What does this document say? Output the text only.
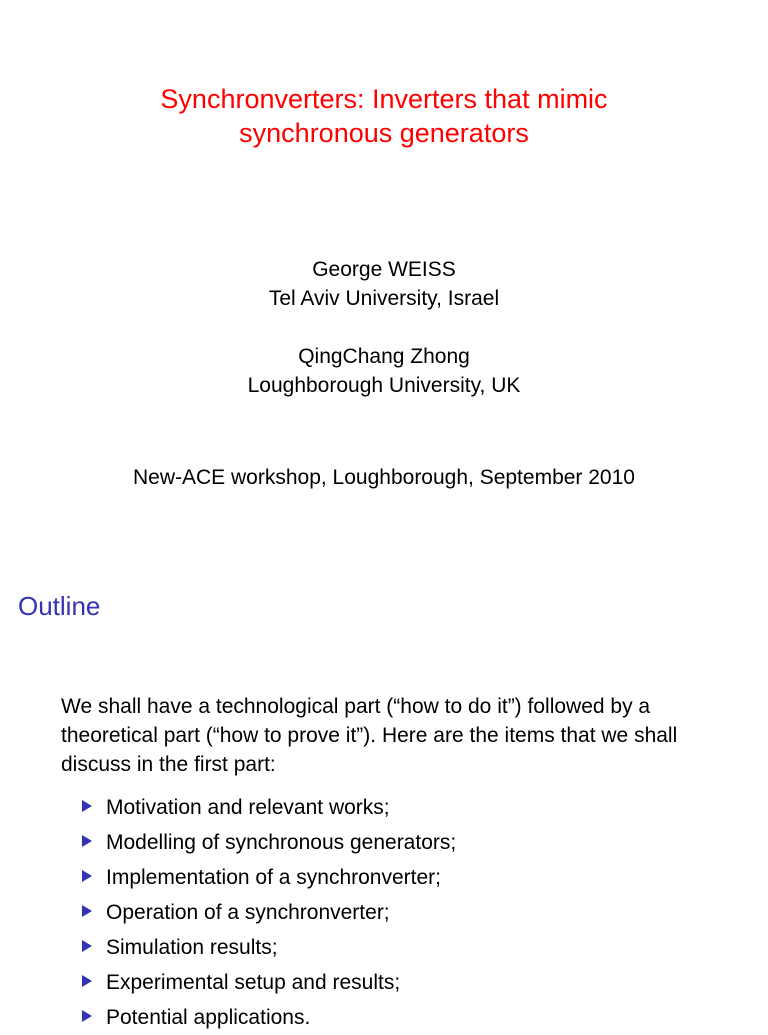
Synchronverters: Inverters that mimic
synchronous generators
George WEISS
Tel Aviv University, Israel
QingChang Zhong
Loughborough University, UK
New-ACE workshop, Loughborough, September 2010
Outline
We shall have a technological part (“how to do it”) followed by a theoretical part (“how to prove it”). Here are the items that we shall discuss in the first part:
Motivation and relevant works;
Modelling of synchronous generators;
Implementation of a synchronverter;
Operation of a synchronverter;
Simulation results;
Experimental setup and results;
Potential applications.
